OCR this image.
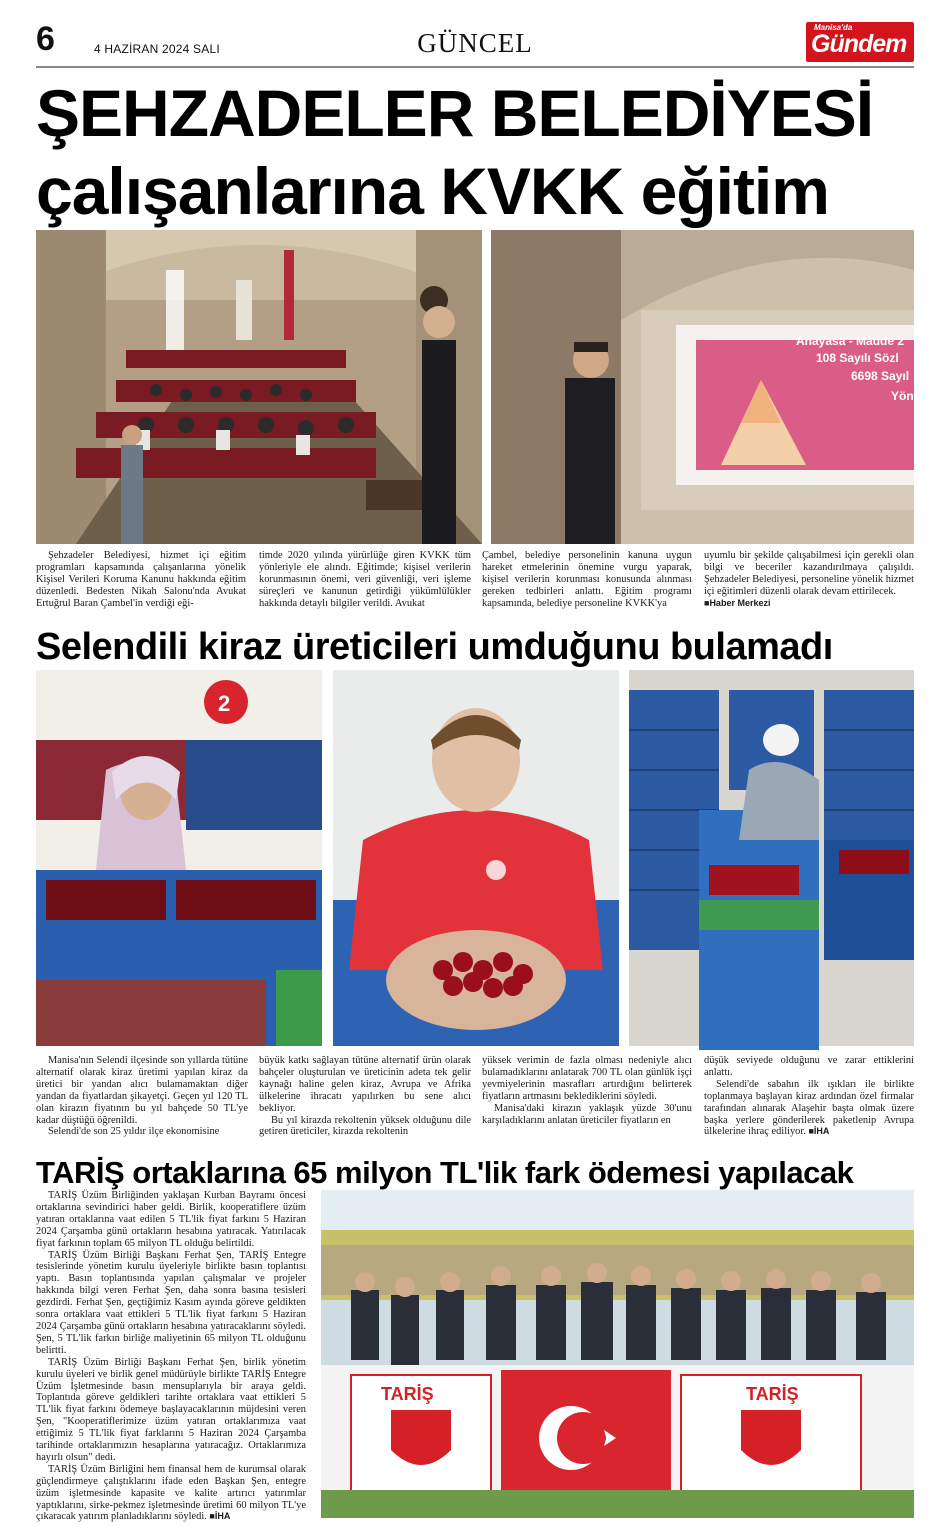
6	4 HAZİRAN 2024 SALI	GÜNCEL
Manisa'da
Gündem
ŞEHZADELER BELEDİYESİ
çalışanlarına KVKK eğitim
Anayasa - Madde 2
108 Sayılı Sözl
6698 Sayıl
Yönet

Şehzadeler Belediyesi, hizmet içi eğitim programları kapsamında çalışanlarına yönelik Kişisel Verileri Koruma Kanunu hakkında eğitim düzenledi. Bedesten Nikah Salonu'nda Avukat Ertuğrul Baran Çambel'in verdiği eği-

timde 2020 yılında yürürlüğe giren KVKK tüm yönleriyle ele alındı. Eğitimde; kişisel verilerin korunmasının önemi, veri güvenliği, veri işleme süreçleri ve kanunun getirdiği yükümlülükler hakkında detaylı bilgiler verildi. Avukat

Çambel, belediye personelinin kanuna uygun hareket etmelerinin önemine vurgu yaparak, kişisel verilerin korunması konusunda alınması gereken tedbirleri anlattı. Eğitim programı kapsamında, belediye personeline KVKK'ya

uyumlu bir şekilde çalışabilmesi için gerekli olan bilgi ve beceriler kazandırılmaya çalışıldı. Şehzadeler Belediyesi, personeline yönelik hizmet içi eğitimleri düzenli olarak devam ettirilecek.

■ Haber Merkezi
Selendili kiraz üreticileri umduğunu bulamadı
2

Manisa'nın Selendi ilçesinde son yıllarda tütüne alternatif olarak kiraz üretimi yapılan kiraz da üretici bir yandan alıcı bulamamaktan diğer yandan da fiyatlardan şikayetçi. Geçen yıl 120 TL olan kirazın fiyatının bu yıl bahçede 50 TL'ye kadar düştüğü öğrenildi.

Selendi'de son 25 yıldır ilçe ekonomisine

büyük katkı sağlayan tütüne alternatif ürün olarak bahçeler oluşturulan ve üreticinin adeta tek gelir kaynağı haline gelen kiraz, Avrupa ve Afrika ülkelerine ihracatı yapılırken bu sene alıcı bekliyor.

Bu yıl kirazda rekoltenin yüksek olduğunu dile getiren üreticiler, kirazda rekoltenin

yüksek verimin de fazla olması nedeniyle alıcı bulamadıklarını anlatarak 700 TL olan günlük işçi yevmiyelerinin masrafları artırdığını belirterek fiyatların artmasını beklediklerini söyledi.

Manisa'daki kirazın yaklaşık yüzde 30'unu karşıladıklarını anlatan üreticiler fiyatların en

düşük seviyede olduğunu ve zarar ettiklerini anlattı.

Selendi'de sabahın ilk ışıkları ile birlikte toplanmaya başlayan kiraz ardından özel firmalar tarafından alınarak Alaşehir başta olmak üzere başka yerlere gönderilerek paketlenip Avrupa ülkelerine ihraç ediliyor. ■ İHA

TARİŞ ortaklarına 65 milyon TL'lik fark ödemesi yapılacak

TARİŞ Üzüm Birliğinden yaklaşan Kurban Bayramı öncesi ortaklarına sevindirici haber geldi. Birlik, kooperatiflere üzüm yatıran ortaklarına vaat edilen 5 TL'lik fiyat farkını 5 Haziran 2024 Çarşamba günü ortakların hesabına yatıracak. Yatırılacak fiyat farkının toplam 65 milyon TL olduğu belirtildi.

TARİŞ Üzüm Birliği Başkanı Ferhat Şen, TARİŞ Entegre tesislerinde yönetim kurulu üyeleriyle birlikte basın toplantısı yaptı. Basın toplantısında yapılan çalışmalar ve projeler hakkında bilgi veren Ferhat Şen, daha sonra basına tesisleri gezdirdi. Ferhat Şen, geçtiğimiz Kasım ayında göreve geldikten sonra ortaklara vaat ettikleri 5 TL'lik fiyat farkını 5 Haziran 2024 Çarşamba günü ortakların hesabına yatıracaklarını söyledi. Şen, 5 TL'lik farkın birliğe maliyetinin 65 milyon TL olduğunu belirtti.

TARİŞ Üzüm Birliği Başkanı Ferhat Şen, birlik yönetim kurulu üyeleri ve birlik genel müdürüyle birlikte TARİŞ Entegre Üzüm İşletmesinde basın mensuplarıyla bir araya geldi. Toplantıda göreve geldikleri tarihte ortaklara vaat ettikleri 5 TL'lik fiyat farkını ödemeye başlayacaklarının müjdesini veren Şen, "Kooperatiflerimize üzüm yatıran ortaklarımıza vaat ettiğimiz 5 TL'lik fiyat farklarını 5 Haziran 2024 Çarşamba tarihinde ortaklarımızın hesaplarına yatıracağız. Ortaklarımıza hayırlı olsun" dedi.

TARİŞ Üzüm Birliğini hem finansal hem de kurumsal olarak güçlendirmeye çalıştıklarını ifade eden Başkan Şen, entegre üzüm işletmesinde kapasite ve kalite artırıcı yatırımlar yaptıklarını, sirke-pekmez işletmesinde üretimi 60 milyon TL'ye çıkaracak yatırım planladıklarını söyledi. ■ İHA

TARİŞ	TARİŞ
